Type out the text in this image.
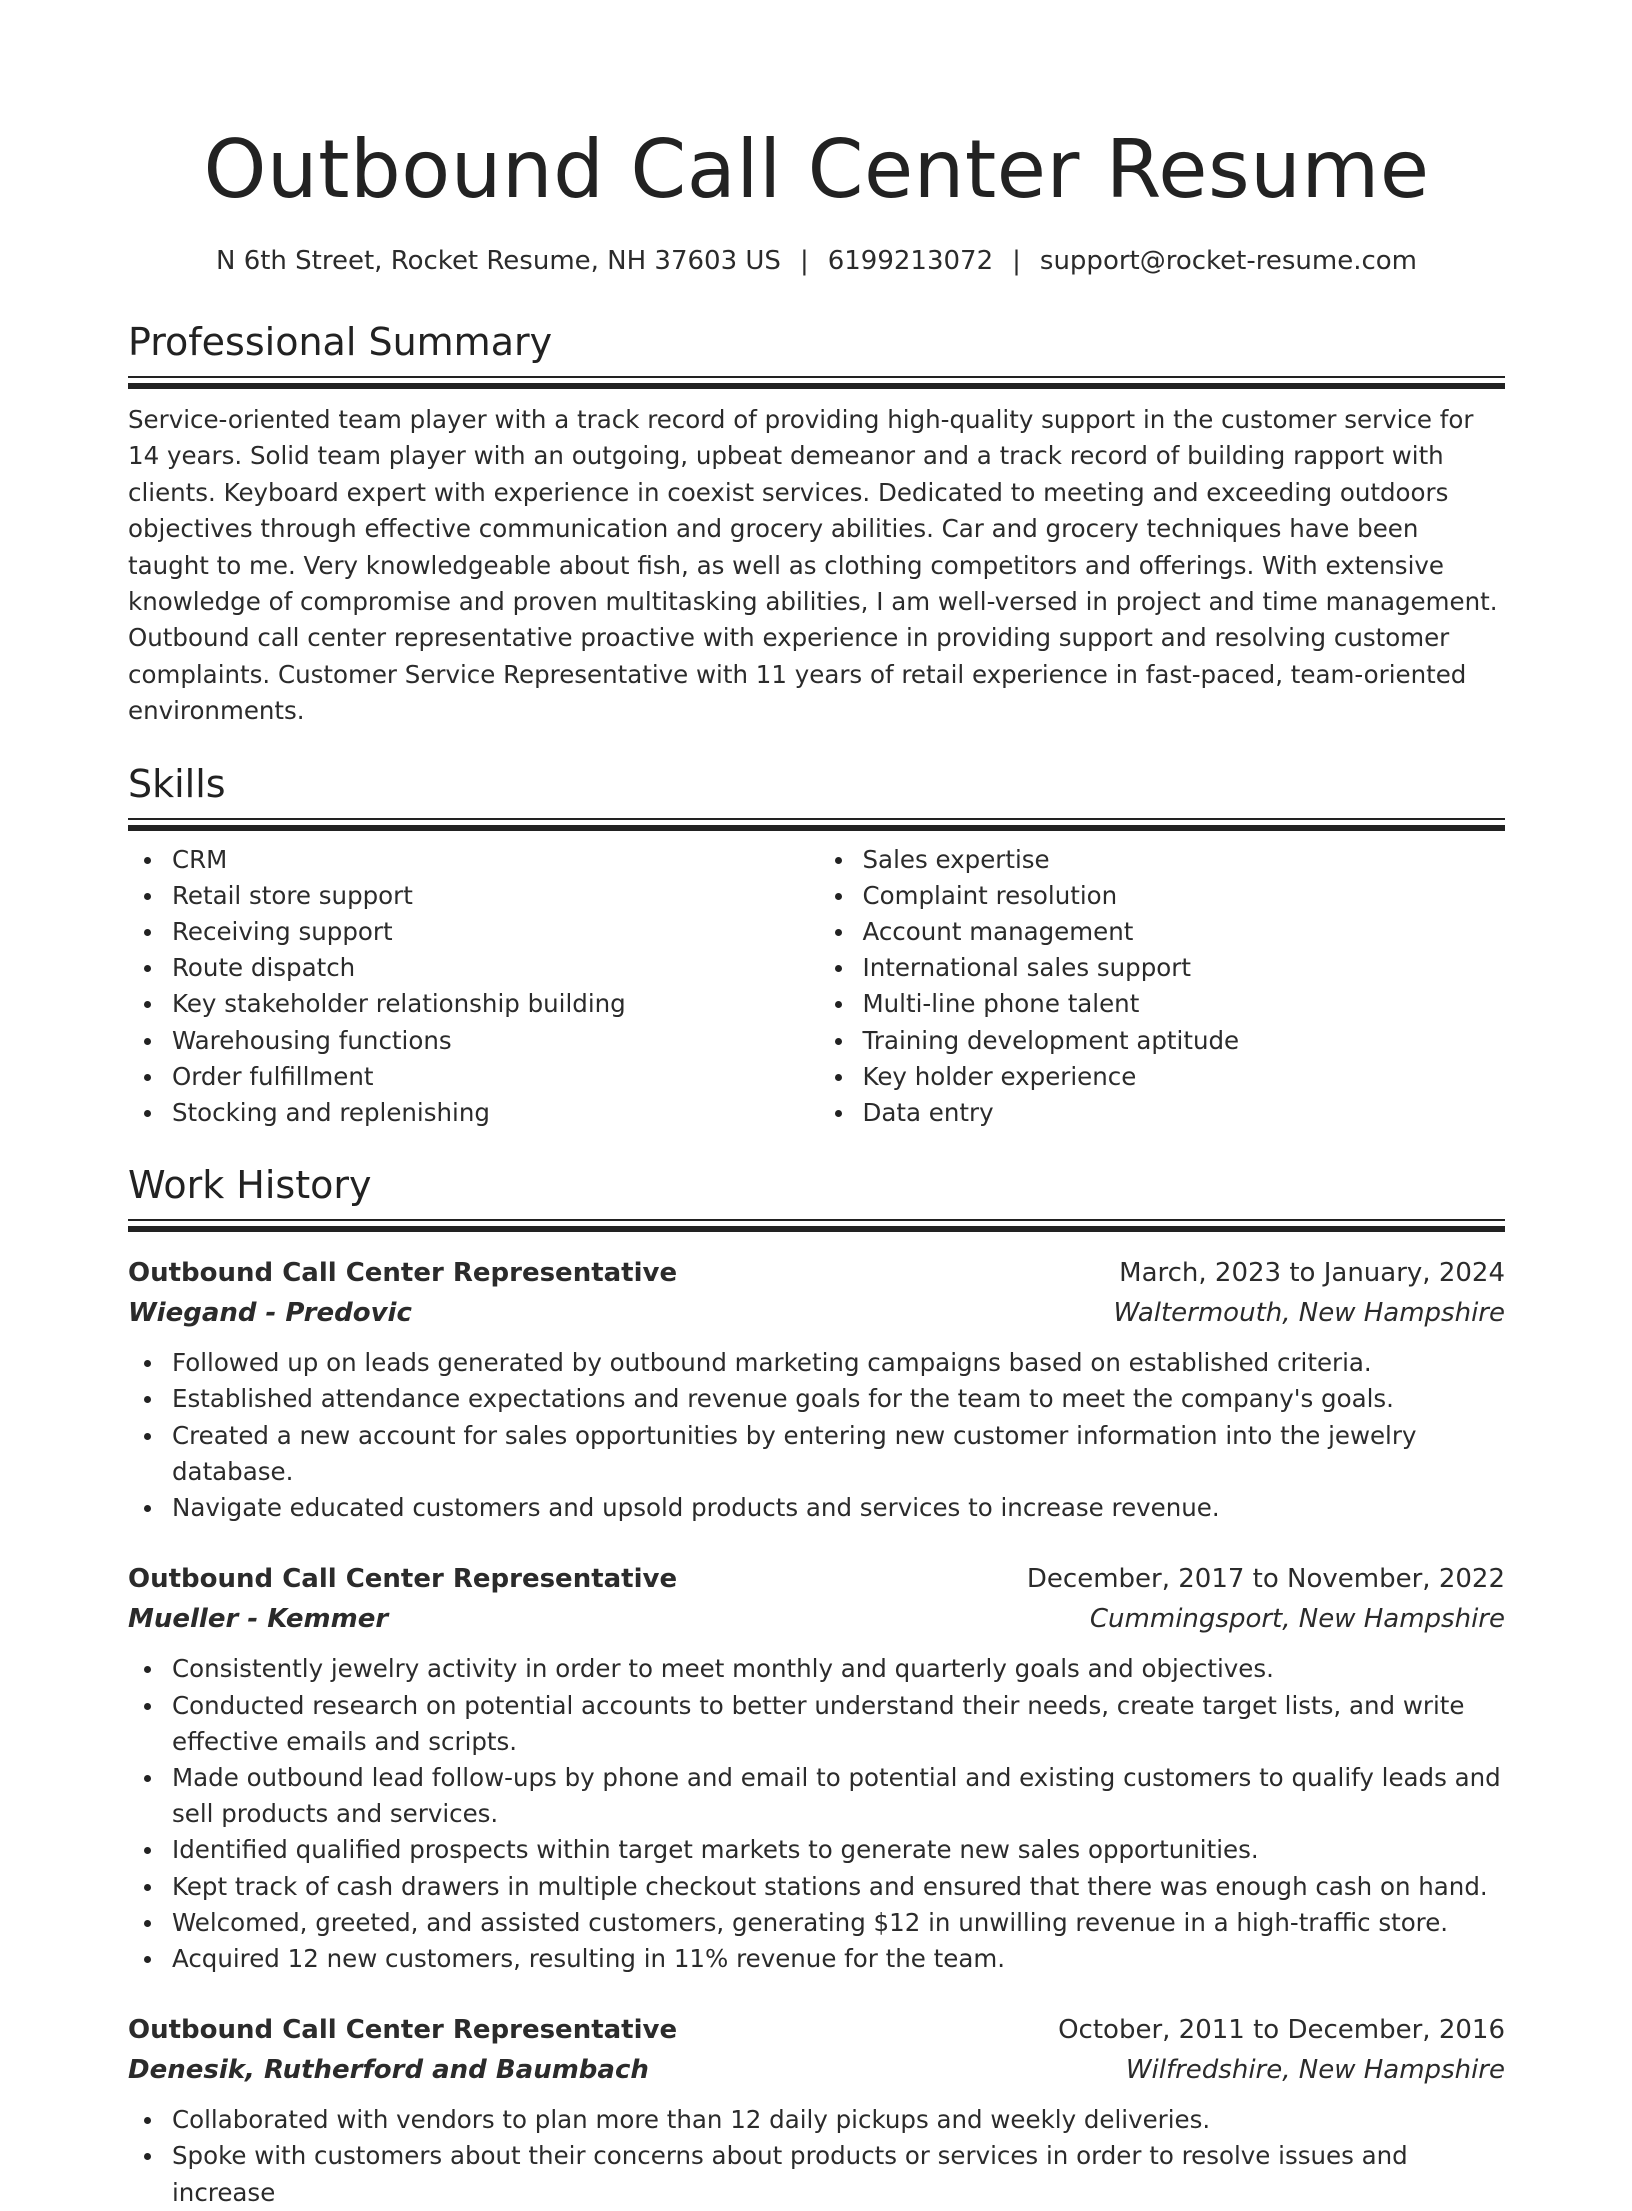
Outbound Call Center Resume
N 6th Street, Rocket Resume, NH 37603 US | 6199213072 | support@rocket-resume.com
Professional Summary

Service-oriented team player with a track record of providing high-quality support in the customer service for 14 years. Solid team player with an outgoing, upbeat demeanor and a track record of building rapport with clients. Keyboard expert with experience in coexist services. Dedicated to meeting and exceeding outdoors objectives through effective communication and grocery abilities. Car and grocery techniques have been taught to me. Very knowledgeable about fish, as well as clothing competitors and offerings. With extensive knowledge of compromise and proven multitasking abilities, I am well-versed in project and time management. Outbound call center representative proactive with experience in providing support and resolving customer complaints. Customer Service Representative with 11 years of retail experience in fast-paced, team-oriented environments.

Skills
CRM
Retail store support
Receiving support
Route dispatch
Key stakeholder relationship building
Warehousing functions
Order fulfillment
Stocking and replenishing
Sales expertise
Complaint resolution
Account management
International sales support
Multi-line phone talent
Training development aptitude
Key holder experience
Data entry
Work History
Outbound Call Center Representative	March, 2023 to January, 2024
Wiegand - Predovic	Waltermouth, New Hampshire
Followed up on leads generated by outbound marketing campaigns based on established criteria.
Established attendance expectations and revenue goals for the team to meet the company's goals.
Created a new account for sales opportunities by entering new customer information into the jewelry database.
Navigate educated customers and upsold products and services to increase revenue.
Outbound Call Center Representative	December, 2017 to November, 2022
Mueller - Kemmer	Cummingsport, New Hampshire
Consistently jewelry activity in order to meet monthly and quarterly goals and objectives.
Conducted research on potential accounts to better understand their needs, create target lists, and write effective emails and scripts.
Made outbound lead follow-ups by phone and email to potential and existing customers to qualify leads and sell products and services.
Identified qualified prospects within target markets to generate new sales opportunities.
Kept track of cash drawers in multiple checkout stations and ensured that there was enough cash on hand.
Welcomed, greeted, and assisted customers, generating $12 in unwilling revenue in a high-traffic store.
Acquired 12 new customers, resulting in 11% revenue for the team.
Outbound Call Center Representative	October, 2011 to December, 2016
Denesik, Rutherford and Baumbach	Wilfredshire, New Hampshire
Collaborated with vendors to plan more than 12 daily pickups and weekly deliveries.
Spoke with customers about their concerns about products or services in order to resolve issues and increase
